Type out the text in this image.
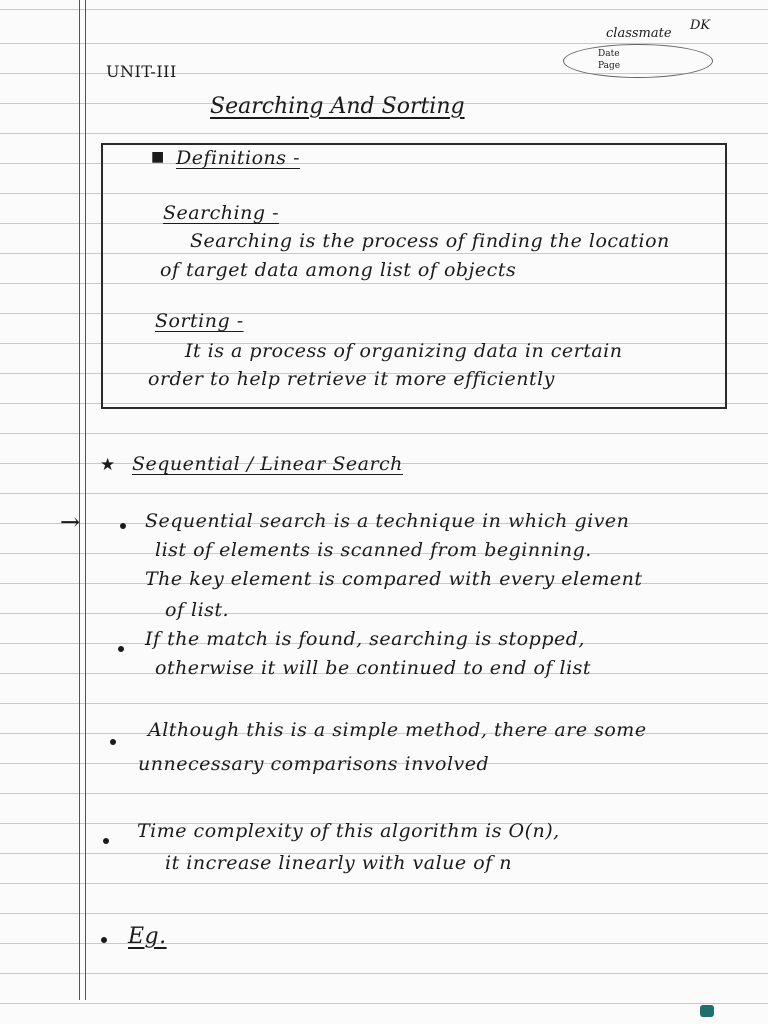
classmate
DK
Date
Page
UNIT-III
Searching And Sorting
■ Definitions -
Searching -
Searching is the process of finding the location
of target data among list of objects
Sorting -
It is a process of organizing data in certain
order to help retrieve it more efficiently
★ Sequential / Linear Search
→	Sequential search is a technique in which given
list of elements is scanned from beginning.
The key element is compared with every element
of list.
If the match is found, searching is stopped,
otherwise it will be continued to end of list
Although this is a simple method, there are some
unnecessary comparisons involved
Time complexity of this algorithm is O(n),
it increase linearly with value of n
Eg.
